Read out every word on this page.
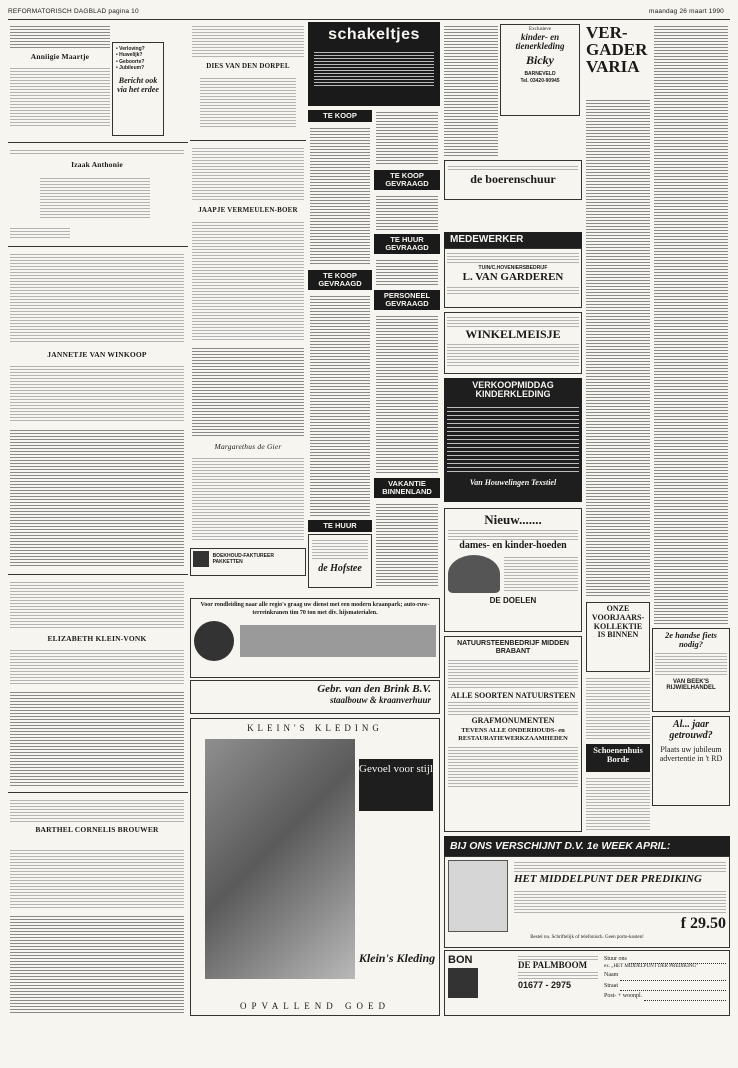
REFORMATORISCH DAGBLAD pagina 10	maandag 26 maart 1990
Anniigie Maartje
• Verloving?
• Huwelijk?
• Geboorte?
• Jubileum?
Bericht ook via het erdee
Izaak Anthonie
JANNETJE VAN WINKOOP
ELIZABETH KLEIN-VONK
BARTHEL CORNELIS BROUWER
DIES VAN DEN DORPEL
JAAPJE VERMEULEN-BOER
Margarethus de Gier
BOEKHOUD-FAKTUREER PAKKETTEN
schakeltjes
TE KOOP
TE KOOP GEVRAAGD
TE HUUR
de Hofstee
TE KOOP GEVRAAGD
TE HUUR GEVRAAGD
PERSONEEL GEVRAAGD
VAKANTIE BINNENLAND
Exclusieve
kinder- en
tienerkleding
Bicky
BARNEVELD
Tel. 03420-90945
de boerenschuur
MEDEWERKER
TUIN/C.HOVENIERSBEDRIJF
L. VAN GARDEREN
WINKELMEISJE
VERKOOPMIDDAG KINDERKLEDING
Van Houwelingen Texstiel
Nieuw.......
dames- en kinder-hoeden
DE DOELEN
VER-
GADER
VARIA
Voor rondleiding naar alle regio's graag uw dienst met een modern kraanpark; auto-ruw-terreinkranen tim 70 ton met div. hijsmaterialen.
Gebr. van den Brink B.V.
staalbouw & kraanverhuur
KLEIN'S KLEDING
Gevoel voor stijl
Klein's Kleding
OPVALLEND GOED
NATUURSTEENBEDRIJF MIDDEN BRABANT
ALLE SOORTEN NATUURSTEEN
GRAFMONUMENTEN
TEVENS ALLE ONDERHOUDS- en RESTAURATIEWERKZAAMHEDEN
ONZE VOORJAARS-KOLLEKTIE IS BINNEN
Schoenenhuis Borde
2e handse fiets nodig?
VAN BEEK'S RIJWIELHANDEL
Al... jaar getrouwd?
Plaats uw jubileum advertentie in 't RD
BIJ ONS VERSCHIJNT D.V. 1e WEEK APRIL:
HET MIDDELPUNT DER PREDIKING
f 29.50
Bestel nu. Schriftelijk of telefonisch. Geen porto-kosten!
BON	DE PALMBOOM
01677 - 2975
Stuur ons
ex. „HET MIDDELPUNT DER PREDIKING"
Naam
Straat
Post- + woonpl.
